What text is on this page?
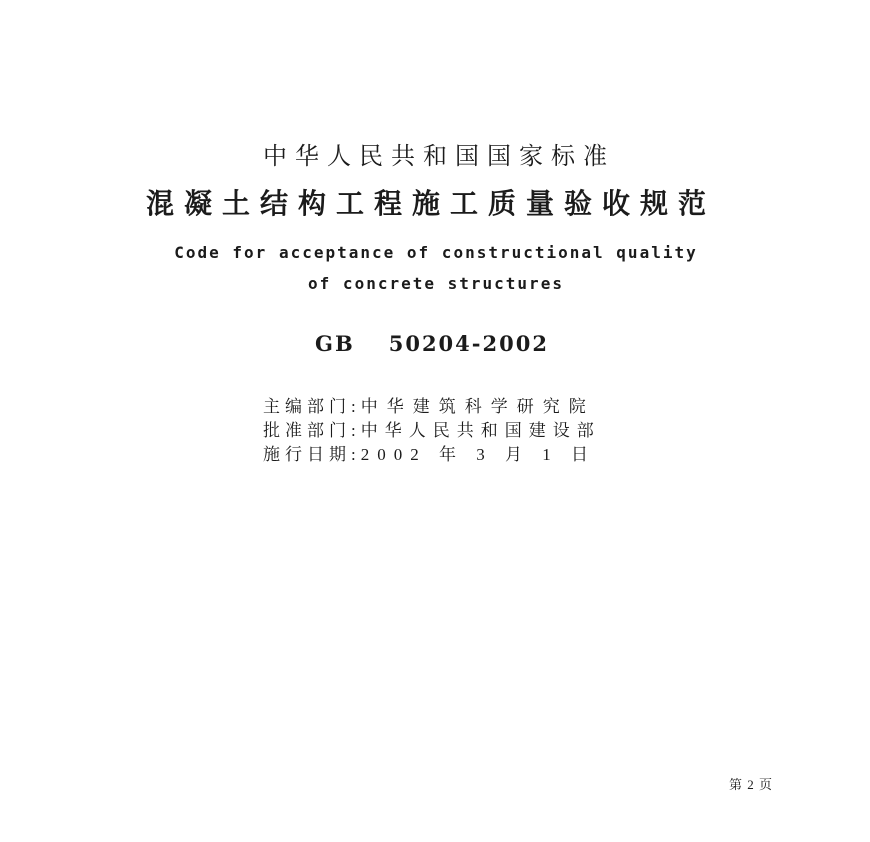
中华人民共和国国家标准
混凝土结构工程施工质量验收规范
Code for acceptance of constructional quality
of concrete structures
GB 50204-2002
主编部门:中华建筑科学研究院
批准部门:中华人民共和国建设部
施行日期:2002 年 3 月 1 日
第 2 页
